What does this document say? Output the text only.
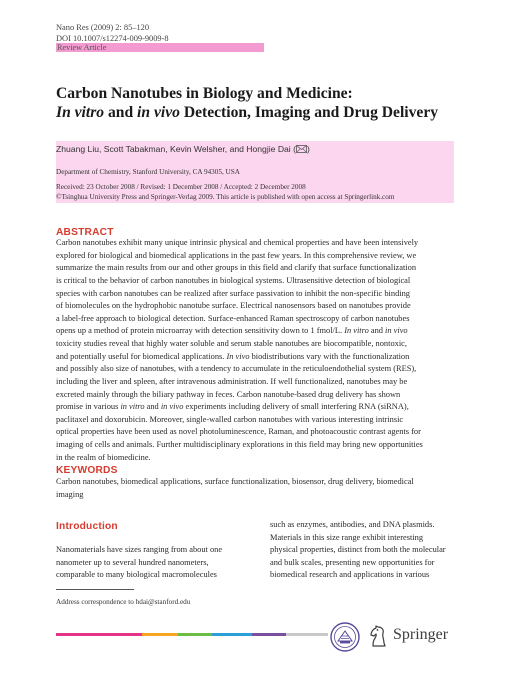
Nano Res (2009) 2: 85–120
DOI 10.1007/s12274-009-9009-8
Review Article
Carbon Nanotubes in Biology and Medicine:
In vitro and in vivo Detection, Imaging and Drug Delivery
Zhuang Liu, Scott Tabakman, Kevin Welsher, and Hongjie Dai ( )
Department of Chemistry, Stanford University, CA 94305, USA
Received: 23 October 2008 / Revised: 1 December 2008 / Accepted: 2 December 2008
©Tsinghua University Press and Springer-Verlag 2009. This article is published with open access at Springerlink.com
ABSTRACT
Carbon nanotubes exhibit many unique intrinsic physical and chemical properties and have been intensively
explored for biological and biomedical applications in the past few years. In this comprehensive review, we
summarize the main results from our and other groups in this field and clarify that surface functionalization
is critical to the behavior of carbon nanotubes in biological systems. Ultrasensitive detection of biological
species with carbon nanotubes can be realized after surface passivation to inhibit the non-specific binding
of biomolecules on the hydrophobic nanotube surface. Electrical nanosensors based on nanotubes provide
a label-free approach to biological detection. Surface-enhanced Raman spectroscopy of carbon nanotubes
opens up a method of protein microarray with detection sensitivity down to 1 fmol/L. In vitro and in vivo
toxicity studies reveal that highly water soluble and serum stable nanotubes are biocompatible, nontoxic,
and potentially useful for biomedical applications. In vivo biodistributions vary with the functionalization
and possibly also size of nanotubes, with a tendency to accumulate in the reticuloendothelial system (RES),
including the liver and spleen, after intravenous administration. If well functionalized, nanotubes may be
excreted mainly through the biliary pathway in feces. Carbon nanotube-based drug delivery has shown
promise in various in vitro and in vivo experiments including delivery of small interfering RNA (siRNA),
paclitaxel and doxorubicin. Moreover, single-walled carbon nanotubes with various interesting intrinsic
optical properties have been used as novel photoluminescence, Raman, and photoacoustic contrast agents for
imaging of cells and animals. Further multidisciplinary explorations in this field may bring new opportunities
in the realm of biomedicine.
KEYWORDS
Carbon nanotubes, biomedical applications, surface functionalization, biosensor, drug delivery, biomedical
imaging
Introduction
Nanomaterials have sizes ranging from about one
nanometer up to several hundred nanometers,
comparable to many biological macromolecules
such as enzymes, antibodies, and DNA plasmids.
Materials in this size range exhibit interesting
physical properties, distinct from both the molecular
and bulk scales, presenting new opportunities for
biomedical research and applications in various
Address correspondence to hdai@stanford.edu
Springer
